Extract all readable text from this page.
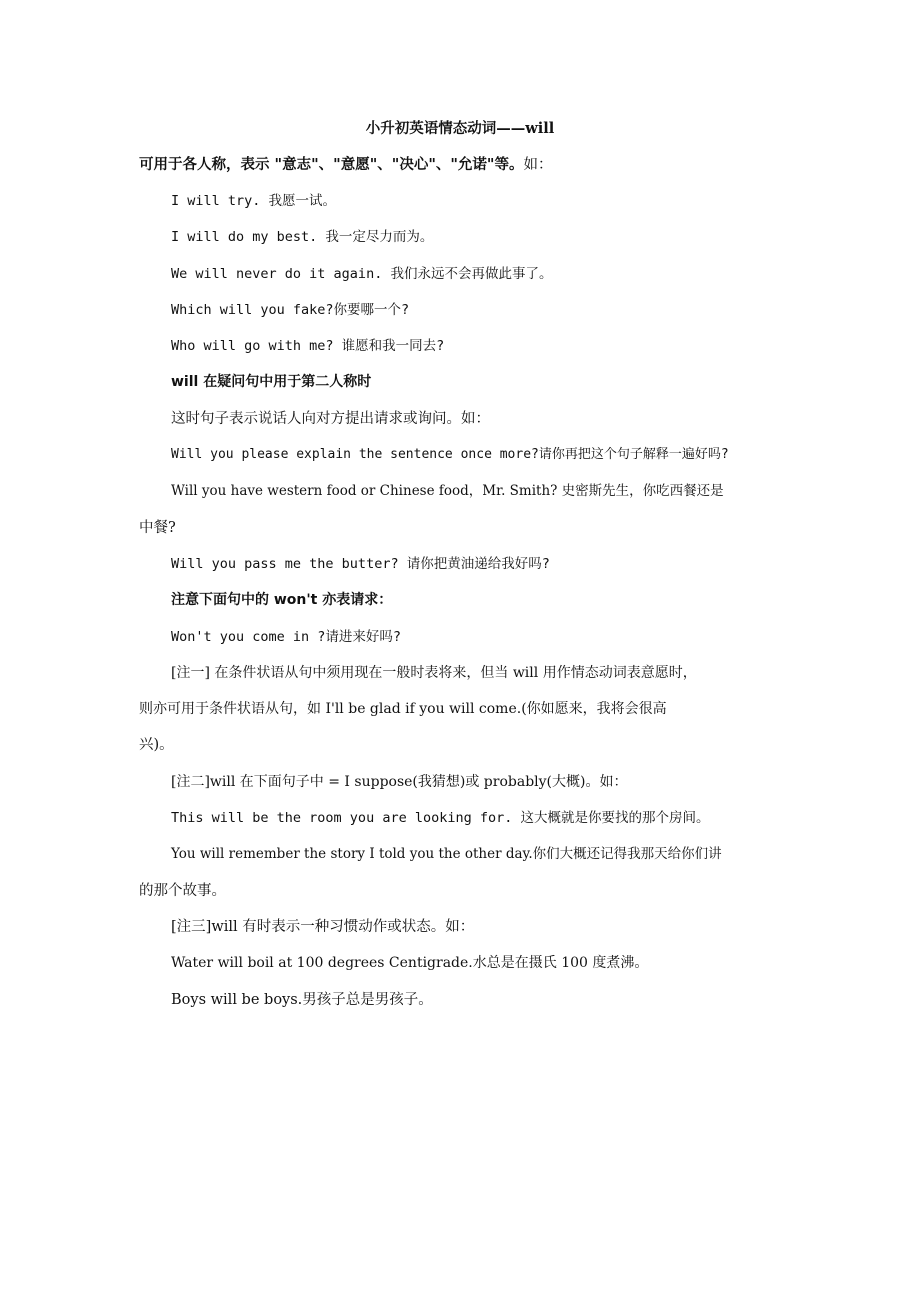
小升初英语情态动词——will
可用于各人称，表示 "意志"、"意愿"、"决心"、"允诺"等。如：
I will try. 我愿一试。
I will do my best. 我一定尽力而为。
We will never do it again. 我们永远不会再做此事了。
Which will you fake?你要哪一个?
Who will go with me? 谁愿和我一同去?
will 在疑问句中用于第二人称时
这时句子表示说话人向对方提出请求或询问。如：
Will you please explain the sentence once more?请你再把这个句子解释一遍好吗?
Will you have western food or Chinese food，Mr. Smith? 史密斯先生，你吃西餐还是
中餐?
Will you pass me the butter? 请你把黄油递给我好吗?
注意下面句中的 won't 亦表请求：
Won't you come in ?请进来好吗?
[注一] 在条件状语从句中须用现在一般时表将来，但当 will 用作情态动词表意愿时，
则亦可用于条件状语从句，如 I'll be glad if you will come.(你如愿来，我将会很高
兴)。
[注二]will 在下面句子中 = I suppose(我猜想)或 probably(大概)。如：
This will be the room you are looking for. 这大概就是你要找的那个房间。
You will remember the story I told you the other day.你们大概还记得我那天给你们讲
的那个故事。
[注三]will 有时表示一种习惯动作或状态。如：
Water will boil at 100 degrees Centigrade.水总是在摄氏 100 度煮沸。
Boys will be boys.男孩子总是男孩子。
